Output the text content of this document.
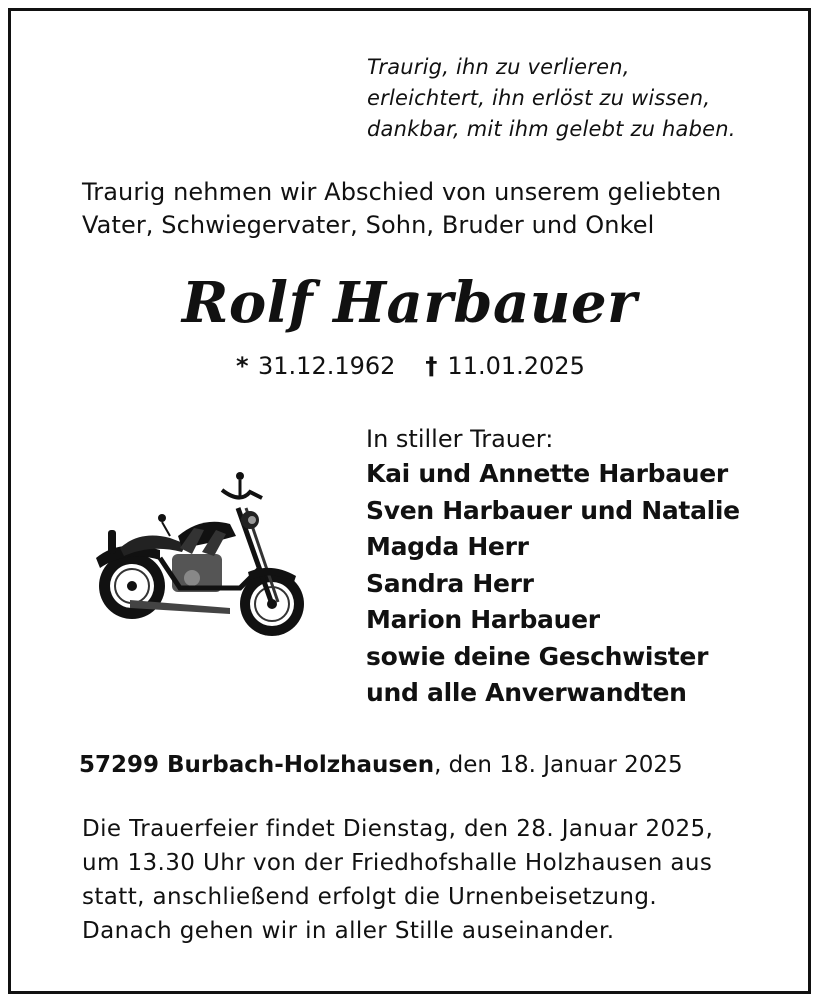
Traurig, ihn zu verlieren,
erleichtert, ihn erlöst zu wissen,
dankbar, mit ihm gelebt zu haben.
Traurig nehmen wir Abschied von unserem geliebten
Vater, Schwiegervater, Sohn, Bruder und Onkel
Rolf Harbauer
* 31.12.1962 † 11.01.2025
In stiller Trauer:
Kai und Annette Harbauer
Sven Harbauer und Natalie
Magda Herr
Sandra Herr
Marion Harbauer
sowie deine Geschwister
und alle Anverwandten
57299 Burbach-Holzhausen, den 18. Januar 2025
Die Trauerfeier findet Dienstag, den 28. Januar 2025,
um 13.30 Uhr von der Friedhofshalle Holzhausen aus
statt, anschließend erfolgt die Urnenbeisetzung.
Danach gehen wir in aller Stille auseinander.
